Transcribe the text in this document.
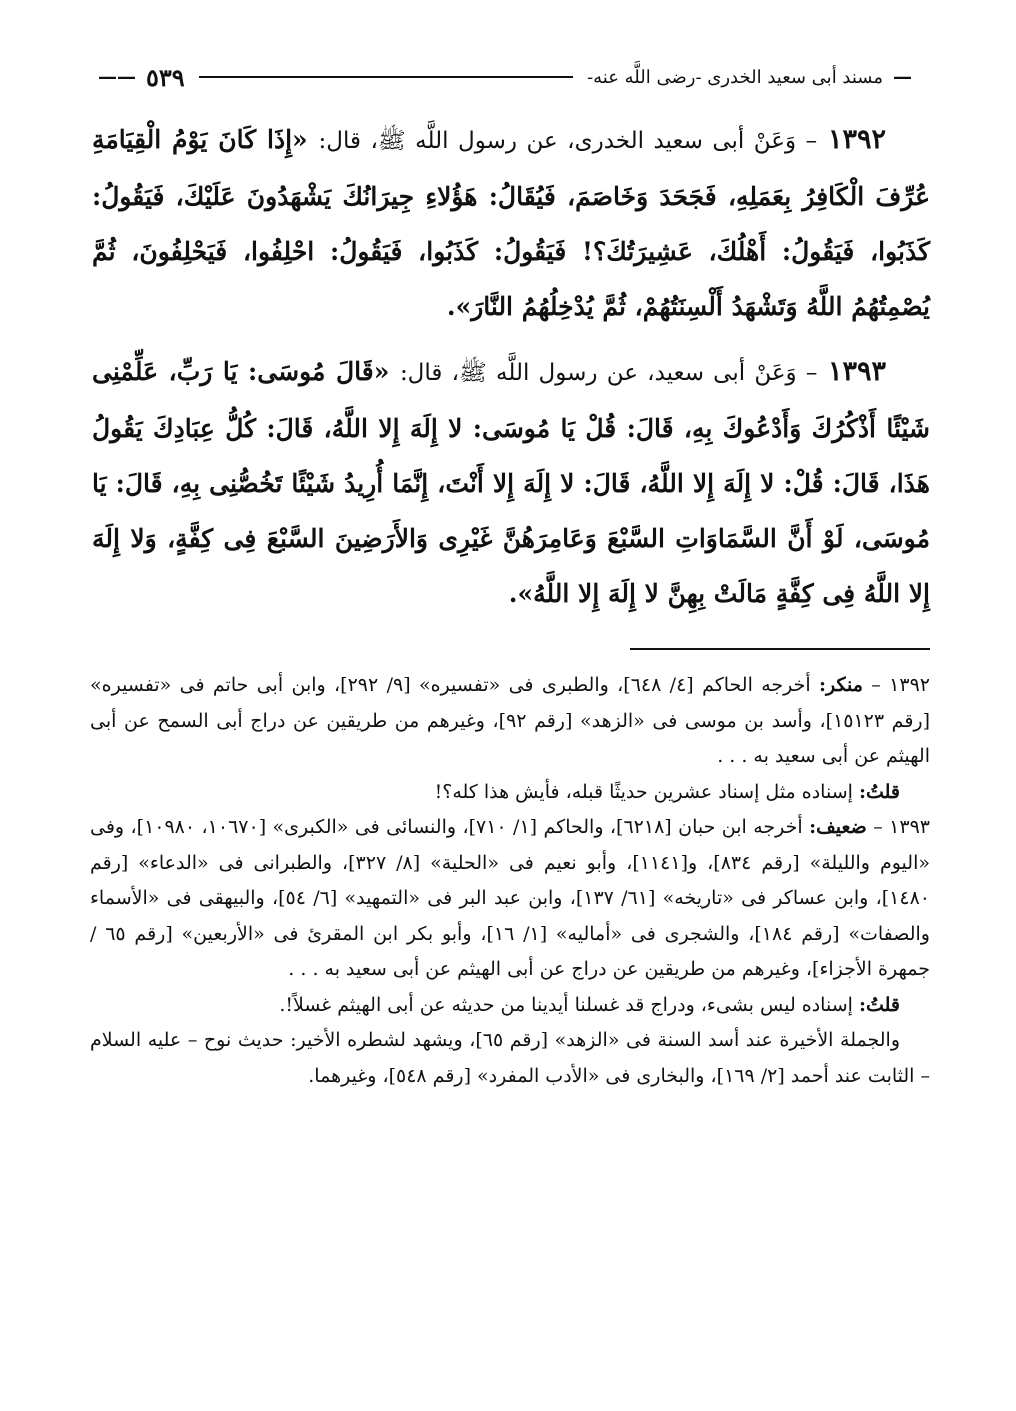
—
مسند أبى سعيد الخدرى -رضى اللَّه عنه-
٥٣٩
——

١٣٩٢ – وَعَنْ أبى سعيد الخدرى، عن رسول اللَّه ﷺ، قال: «إِذَا كَانَ يَوْمُ الْقِيَامَةِ عُرِّفَ الْكَافِرُ بِعَمَلِهِ، فَجَحَدَ وَخَاصَمَ، فَيُقَالُ: هَؤُلاءِ جِيرَانُكَ يَشْهَدُونَ عَلَيْكَ، فَيَقُولُ: كَذَبُوا، فَيَقُولُ: أَهْلُكَ، عَشِيرَتُكَ؟! فَيَقُولُ: كَذَبُوا، فَيَقُولُ: احْلِفُوا، فَيَحْلِفُونَ، ثُمَّ يُصْمِتُهُمُ اللَّهُ وَتَشْهَدُ أَلْسِنَتُهُمْ، ثُمَّ يُدْخِلُهُمُ النَّارَ».

١٣٩٣ – وَعَنْ أبى سعيد، عن رسول اللَّه ﷺ، قال: «قَالَ مُوسَى: يَا رَبِّ، عَلِّمْنِى شَيْئًا أَذْكُرُكَ وَأَدْعُوكَ بِهِ، قَالَ: قُلْ يَا مُوسَى: لا إِلَهَ إِلا اللَّهُ، قَالَ: كُلُّ عِبَادِكَ يَقُولُ هَذَا، قَالَ: قُلْ: لا إِلَهَ إِلا اللَّهُ، قَالَ: لا إِلَهَ إِلا أَنْتَ، إِنَّمَا أُرِيدُ شَيْئًا تَخُصُّنِى بِهِ، قَالَ: يَا مُوسَى، لَوْ أَنَّ السَّمَاوَاتِ السَّبْعَ وَعَامِرَهُنَّ غَيْرِى وَالأَرَضِينَ السَّبْعَ فِى كِفَّةٍ، وَلا إِلَهَ إِلا اللَّهُ فِى كِفَّةٍ مَالَتْ بِهِنَّ لا إِلَهَ إِلا اللَّهُ».

١٣٩٢ – منكر: أخرجه الحاكم [٤/ ٦٤٨]، والطبرى فى «تفسيره» [٩/ ٢٩٢]، وابن أبى حاتم فى «تفسيره» [رقم ١٥١٢٣]، وأسد بن موسى فى «الزهد» [رقم ٩٢]، وغيرهم من طريقين عن دراج أبى السمح عن أبى الهيثم عن أبى سعيد به . . .

قلتُ: إسناده مثل إسناد عشرين حديثًا قبله، فأيش هذا كله؟!

١٣٩٣ – ضعيف: أخرجه ابن حبان [٦٢١٨]، والحاكم [١/ ٧١٠]، والنسائى فى «الكبرى» [١٠٦٧٠، ١٠٩٨٠]، وفى «اليوم والليلة» [رقم ٨٣٤]، و[١١٤١]، وأبو نعيم فى «الحلية» [٨/ ٣٢٧]، والطبرانى فى «الدعاء» [رقم ١٤٨٠]، وابن عساكر فى «تاريخه» [٦١/ ١٣٧]، وابن عبد البر فى «التمهيد» [٦/ ٥٤]، والبيهقى فى «الأسماء والصفات» [رقم ١٨٤]، والشجرى فى «أماليه» [١/ ١٦]، وأبو بكر ابن المقرئ فى «الأربعين» [رقم ٦٥ / جمهرة الأجزاء]، وغيرهم من طريقين عن دراج عن أبى الهيثم عن أبى سعيد به . . .

قلتُ: إسناده ليس بشىء، ودراج قد غسلنا أيدينا من حديثه عن أبى الهيثم غسلاً!.

والجملة الأخيرة عند أسد السنة فى «الزهد» [رقم ٦٥]، ويشهد لشطره الأخير: حديث نوح – عليه السلام – الثابت عند أحمد [٢/ ١٦٩]، والبخارى فى «الأدب المفرد» [رقم ٥٤٨]، وغيرهما.
